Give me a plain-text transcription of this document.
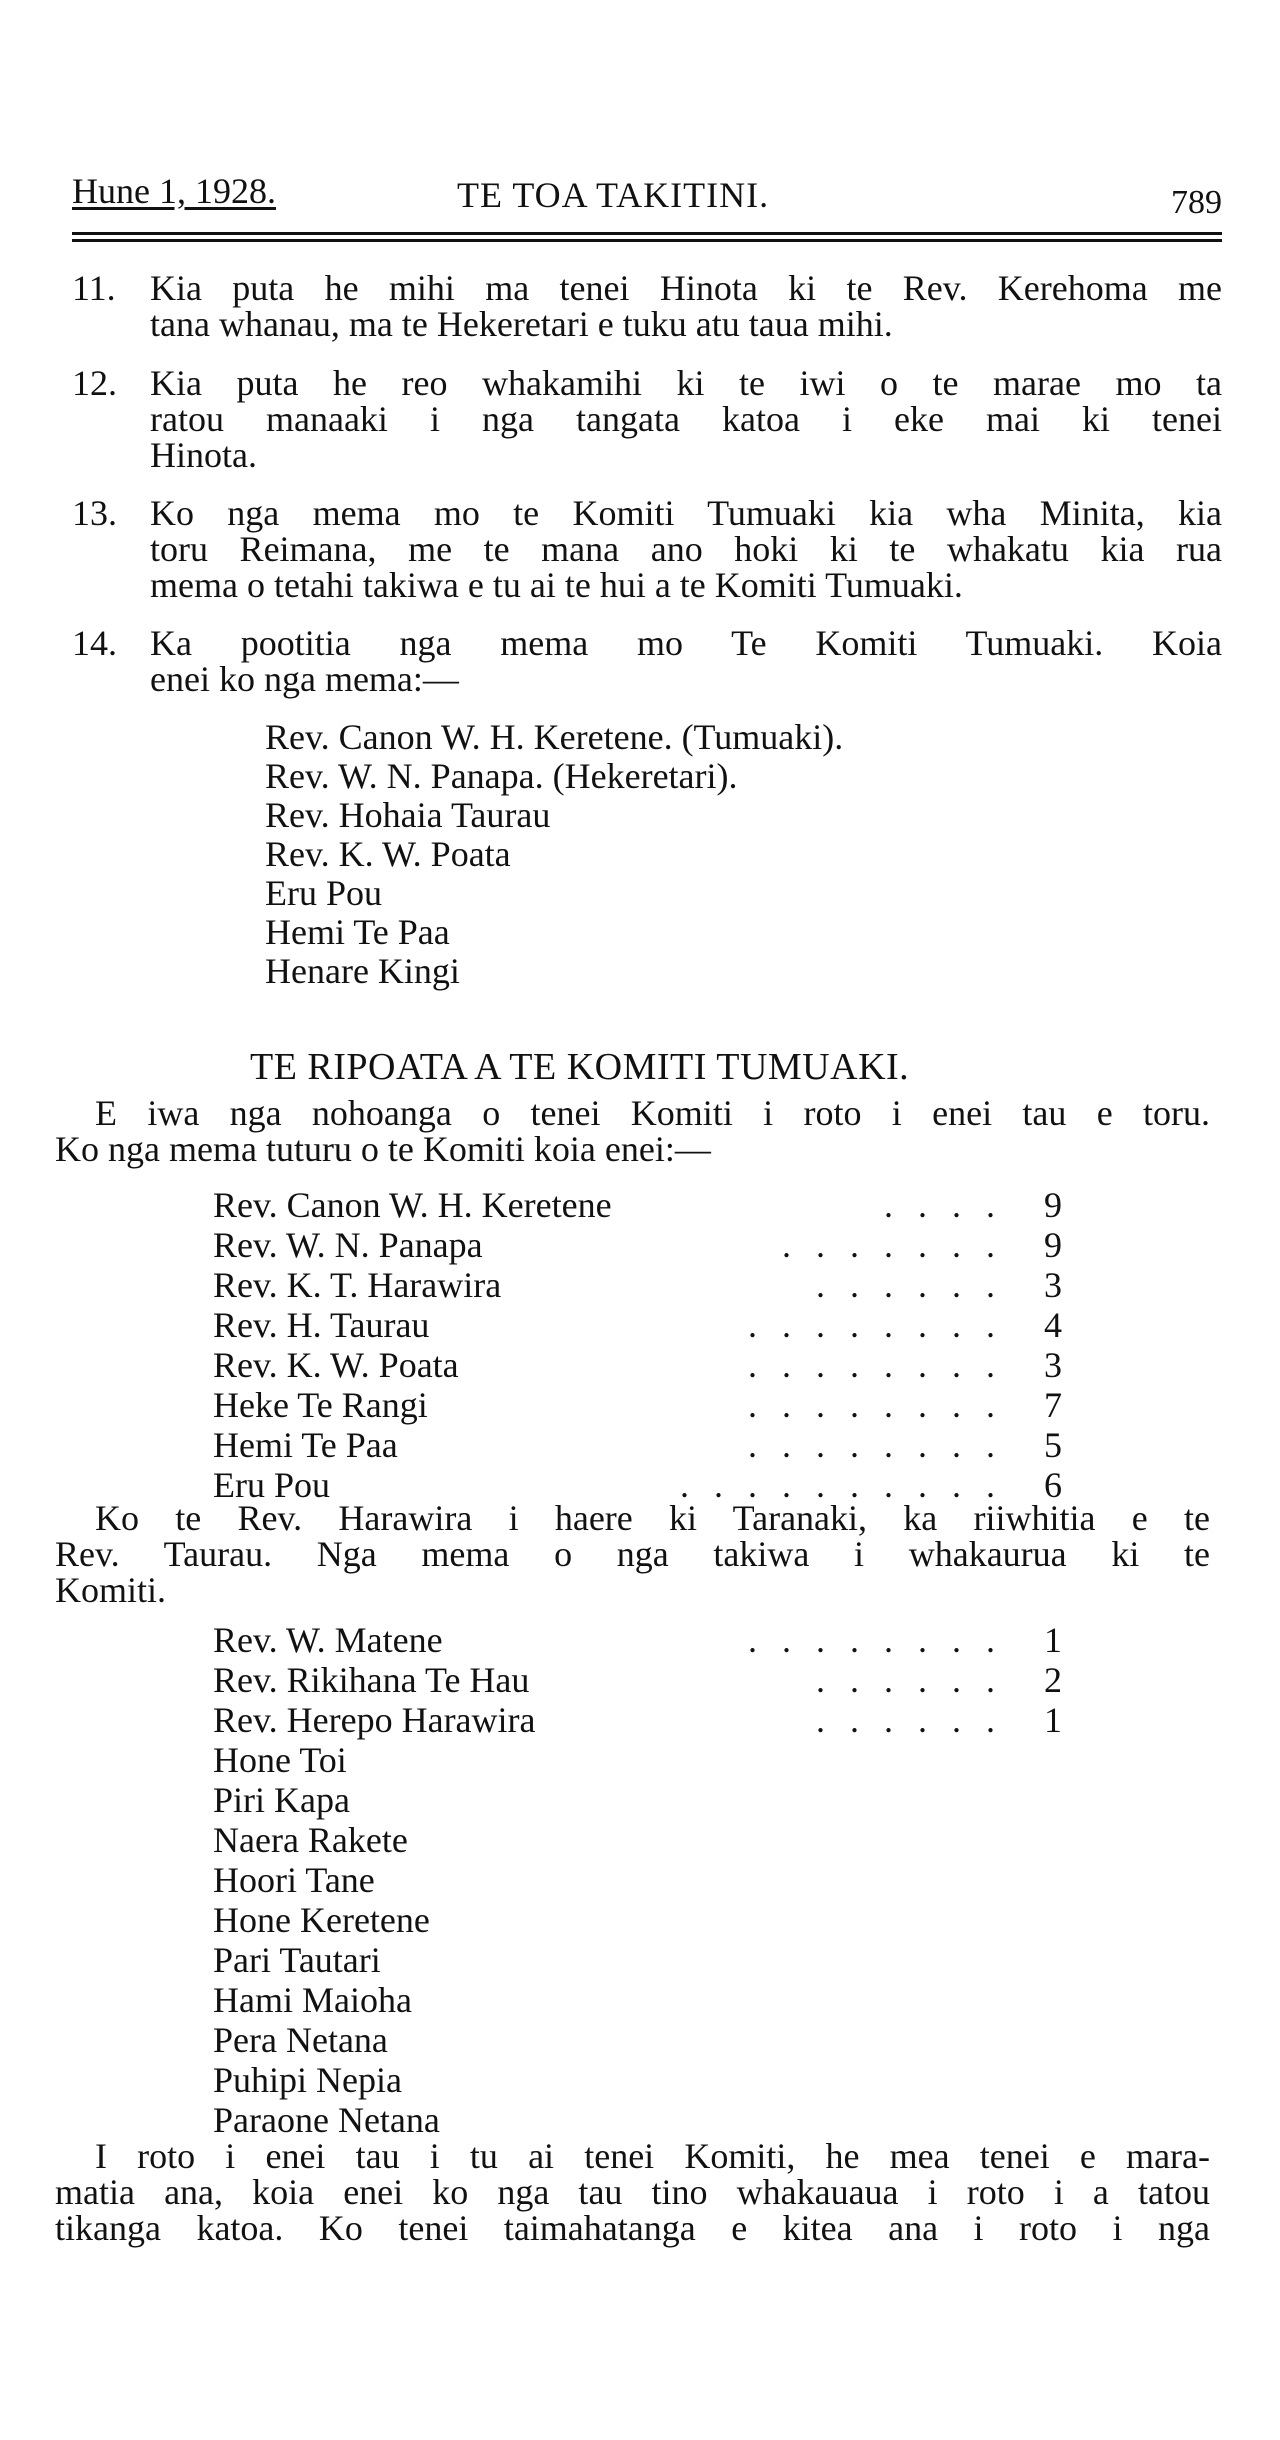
Hune 1, 1928.	TE TOA TAKITINI.	789
11. Kia puta he mihi ma tenei Hinota ki te Rev. Kerehoma me
tana whanau, ma te Hekeretari e tuku atu taua mihi.
12. Kia puta he reo whakamihi ki te iwi o te marae mo ta
ratou manaaki i nga tangata katoa i eke mai ki tenei
Hinota.
13. Ko nga mema mo te Komiti Tumuaki kia wha Minita, kia
toru Reimana, me te mana ano hoki ki te whakatu kia rua
mema o tetahi takiwa e tu ai te hui a te Komiti Tumuaki.
14. Ka pootitia nga mema mo Te Komiti Tumuaki. Koia
enei ko nga mema:—
Rev. Canon W. H. Keretene. (Tumuaki).
Rev. W. N. Panapa. (Hekeretari).
Rev. Hohaia Taurau
Rev. K. W. Poata
Eru Pou
Hemi Te Paa
Henare Kingi
TE RIPOATA A TE KOMITI TUMUAKI.
E iwa nga nohoanga o tenei Komiti i roto i enei tau e toru.
Ko nga mema tuturu o te Komiti koia enei:—
Rev. Canon W. H. Keretene	. . . .	9
Rev. W. N. Panapa	. . . . . . .	9
Rev. K. T. Harawira	. . . . . .	3
Rev. H. Taurau	. . . . . . . .	4
Rev. K. W. Poata	. . . . . . . .	3
Heke Te Rangi	. . . . . . . .	7
Hemi Te Paa	. . . . . . . .	5
Eru Pou	. . . . . . . . . .	6
Ko te Rev. Harawira i haere ki Taranaki, ka riiwhitia e te
Rev. Taurau. Nga mema o nga takiwa i whakaurua ki te
Komiti.
Rev. W. Matene	. . . . . . . .	1
Rev. Rikihana Te Hau	. . . . . .	2
Rev. Herepo Harawira	. . . . . .	1
Hone Toi
Piri Kapa
Naera Rakete
Hoori Tane
Hone Keretene
Pari Tautari
Hami Maioha
Pera Netana
Puhipi Nepia
Paraone Netana
I roto i enei tau i tu ai tenei Komiti, he mea tenei e mara-
matia ana, koia enei ko nga tau tino whakauaua i roto i a tatou
tikanga katoa. Ko tenei taimahatanga e kitea ana i roto i nga
